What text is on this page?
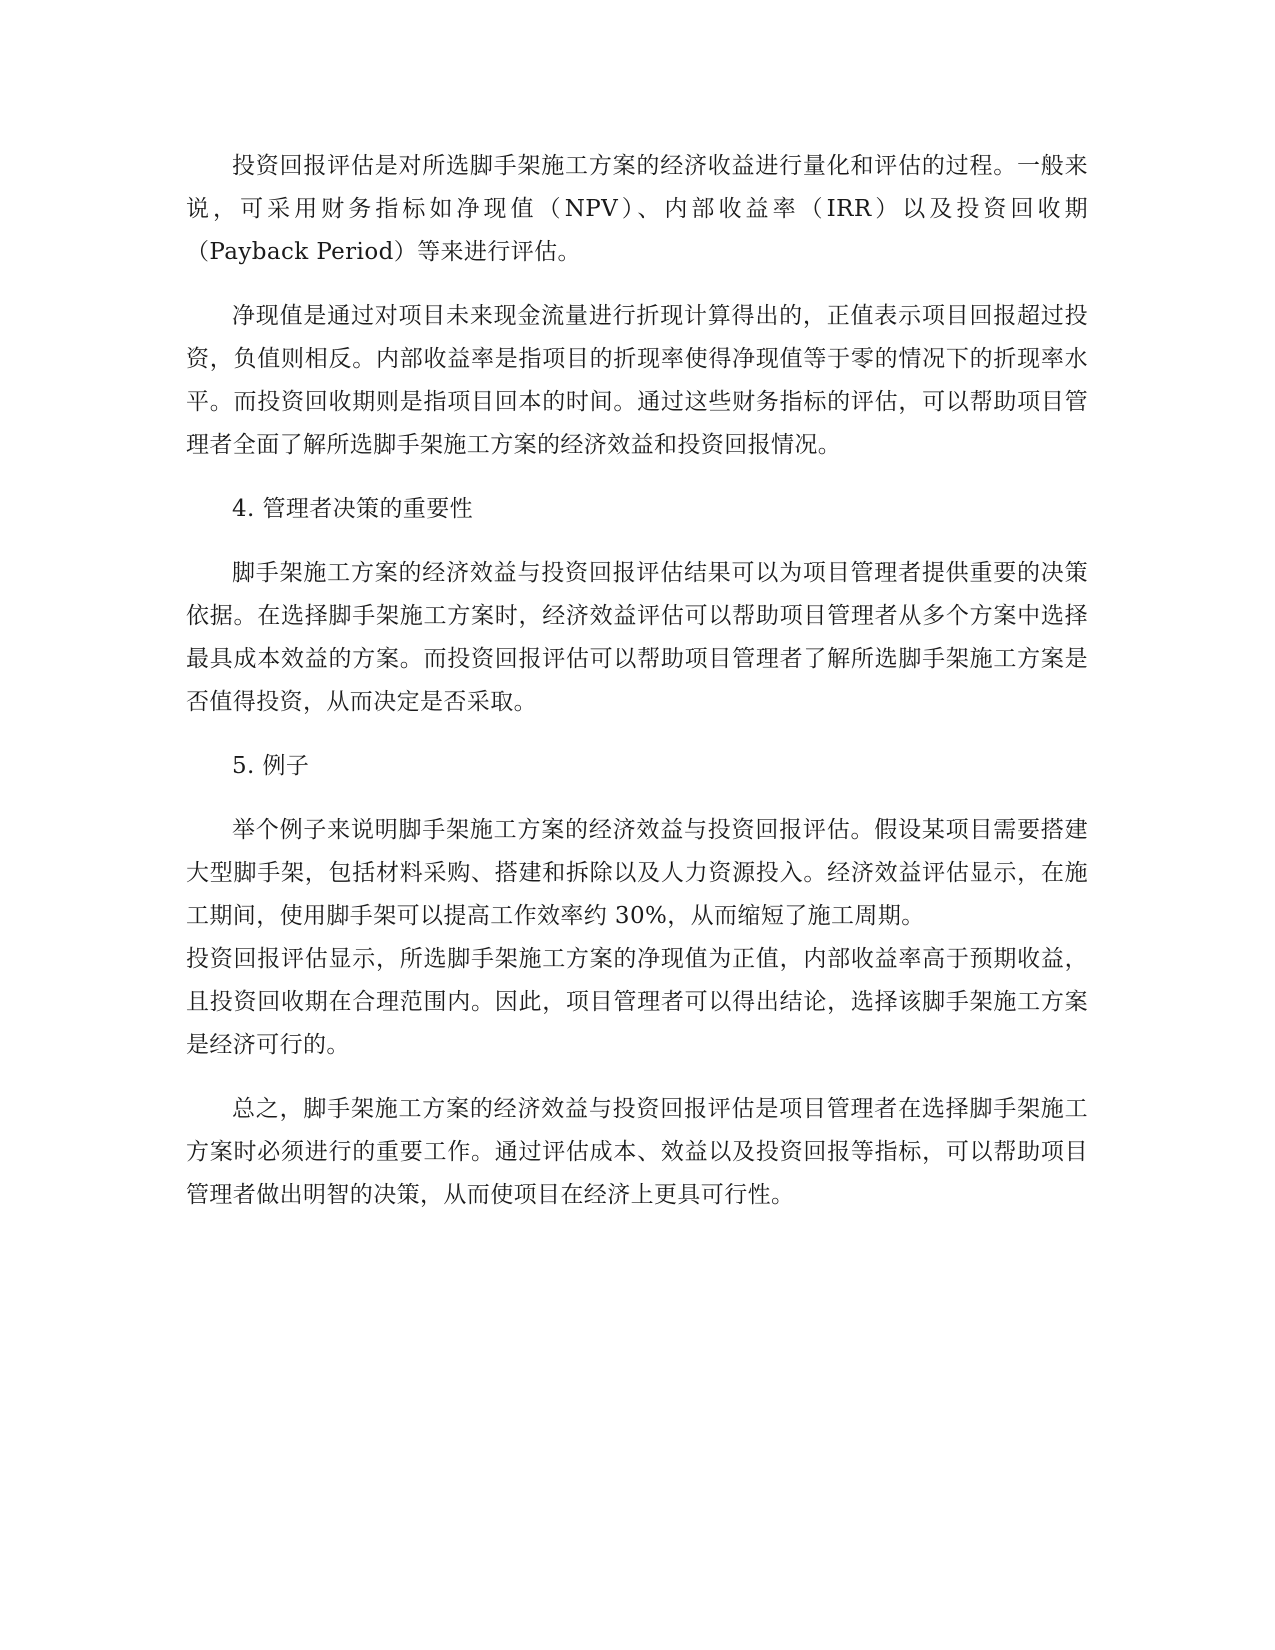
投资回报评估是对所选脚手架施工方案的经济收益进行量化和评估的过程。一般来说，可采用财务指标如净现值（NPV）、内部收益率（IRR）以及投资回收期（Payback Period）等来进行评估。

净现值是通过对项目未来现金流量进行折现计算得出的，正值表示项目回报超过投资，负值则相反。内部收益率是指项目的折现率使得净现值等于零的情况下的折现率水平。而投资回收期则是指项目回本的时间。通过这些财务指标的评估，可以帮助项目管理者全面了解所选脚手架施工方案的经济效益和投资回报情况。

4. 管理者决策的重要性

脚手架施工方案的经济效益与投资回报评估结果可以为项目管理者提供重要的决策依据。在选择脚手架施工方案时，经济效益评估可以帮助项目管理者从多个方案中选择最具成本效益的方案。而投资回报评估可以帮助项目管理者了解所选脚手架施工方案是否值得投资，从而决定是否采取。

5. 例子

举个例子来说明脚手架施工方案的经济效益与投资回报评估。假设某项目需要搭建大型脚手架，包括材料采购、搭建和拆除以及人力资源投入。经济效益评估显示，在施工期间，使用脚手架可以提高工作效率约 30%，从而缩短了施工周期。

投资回报评估显示，所选脚手架施工方案的净现值为正值，内部收益率高于预期收益，且投资回收期在合理范围内。因此，项目管理者可以得出结论，选择该脚手架施工方案是经济可行的。

总之，脚手架施工方案的经济效益与投资回报评估是项目管理者在选择脚手架施工方案时必须进行的重要工作。通过评估成本、效益以及投资回报等指标，可以帮助项目管理者做出明智的决策，从而使项目在经济上更具可行性。
